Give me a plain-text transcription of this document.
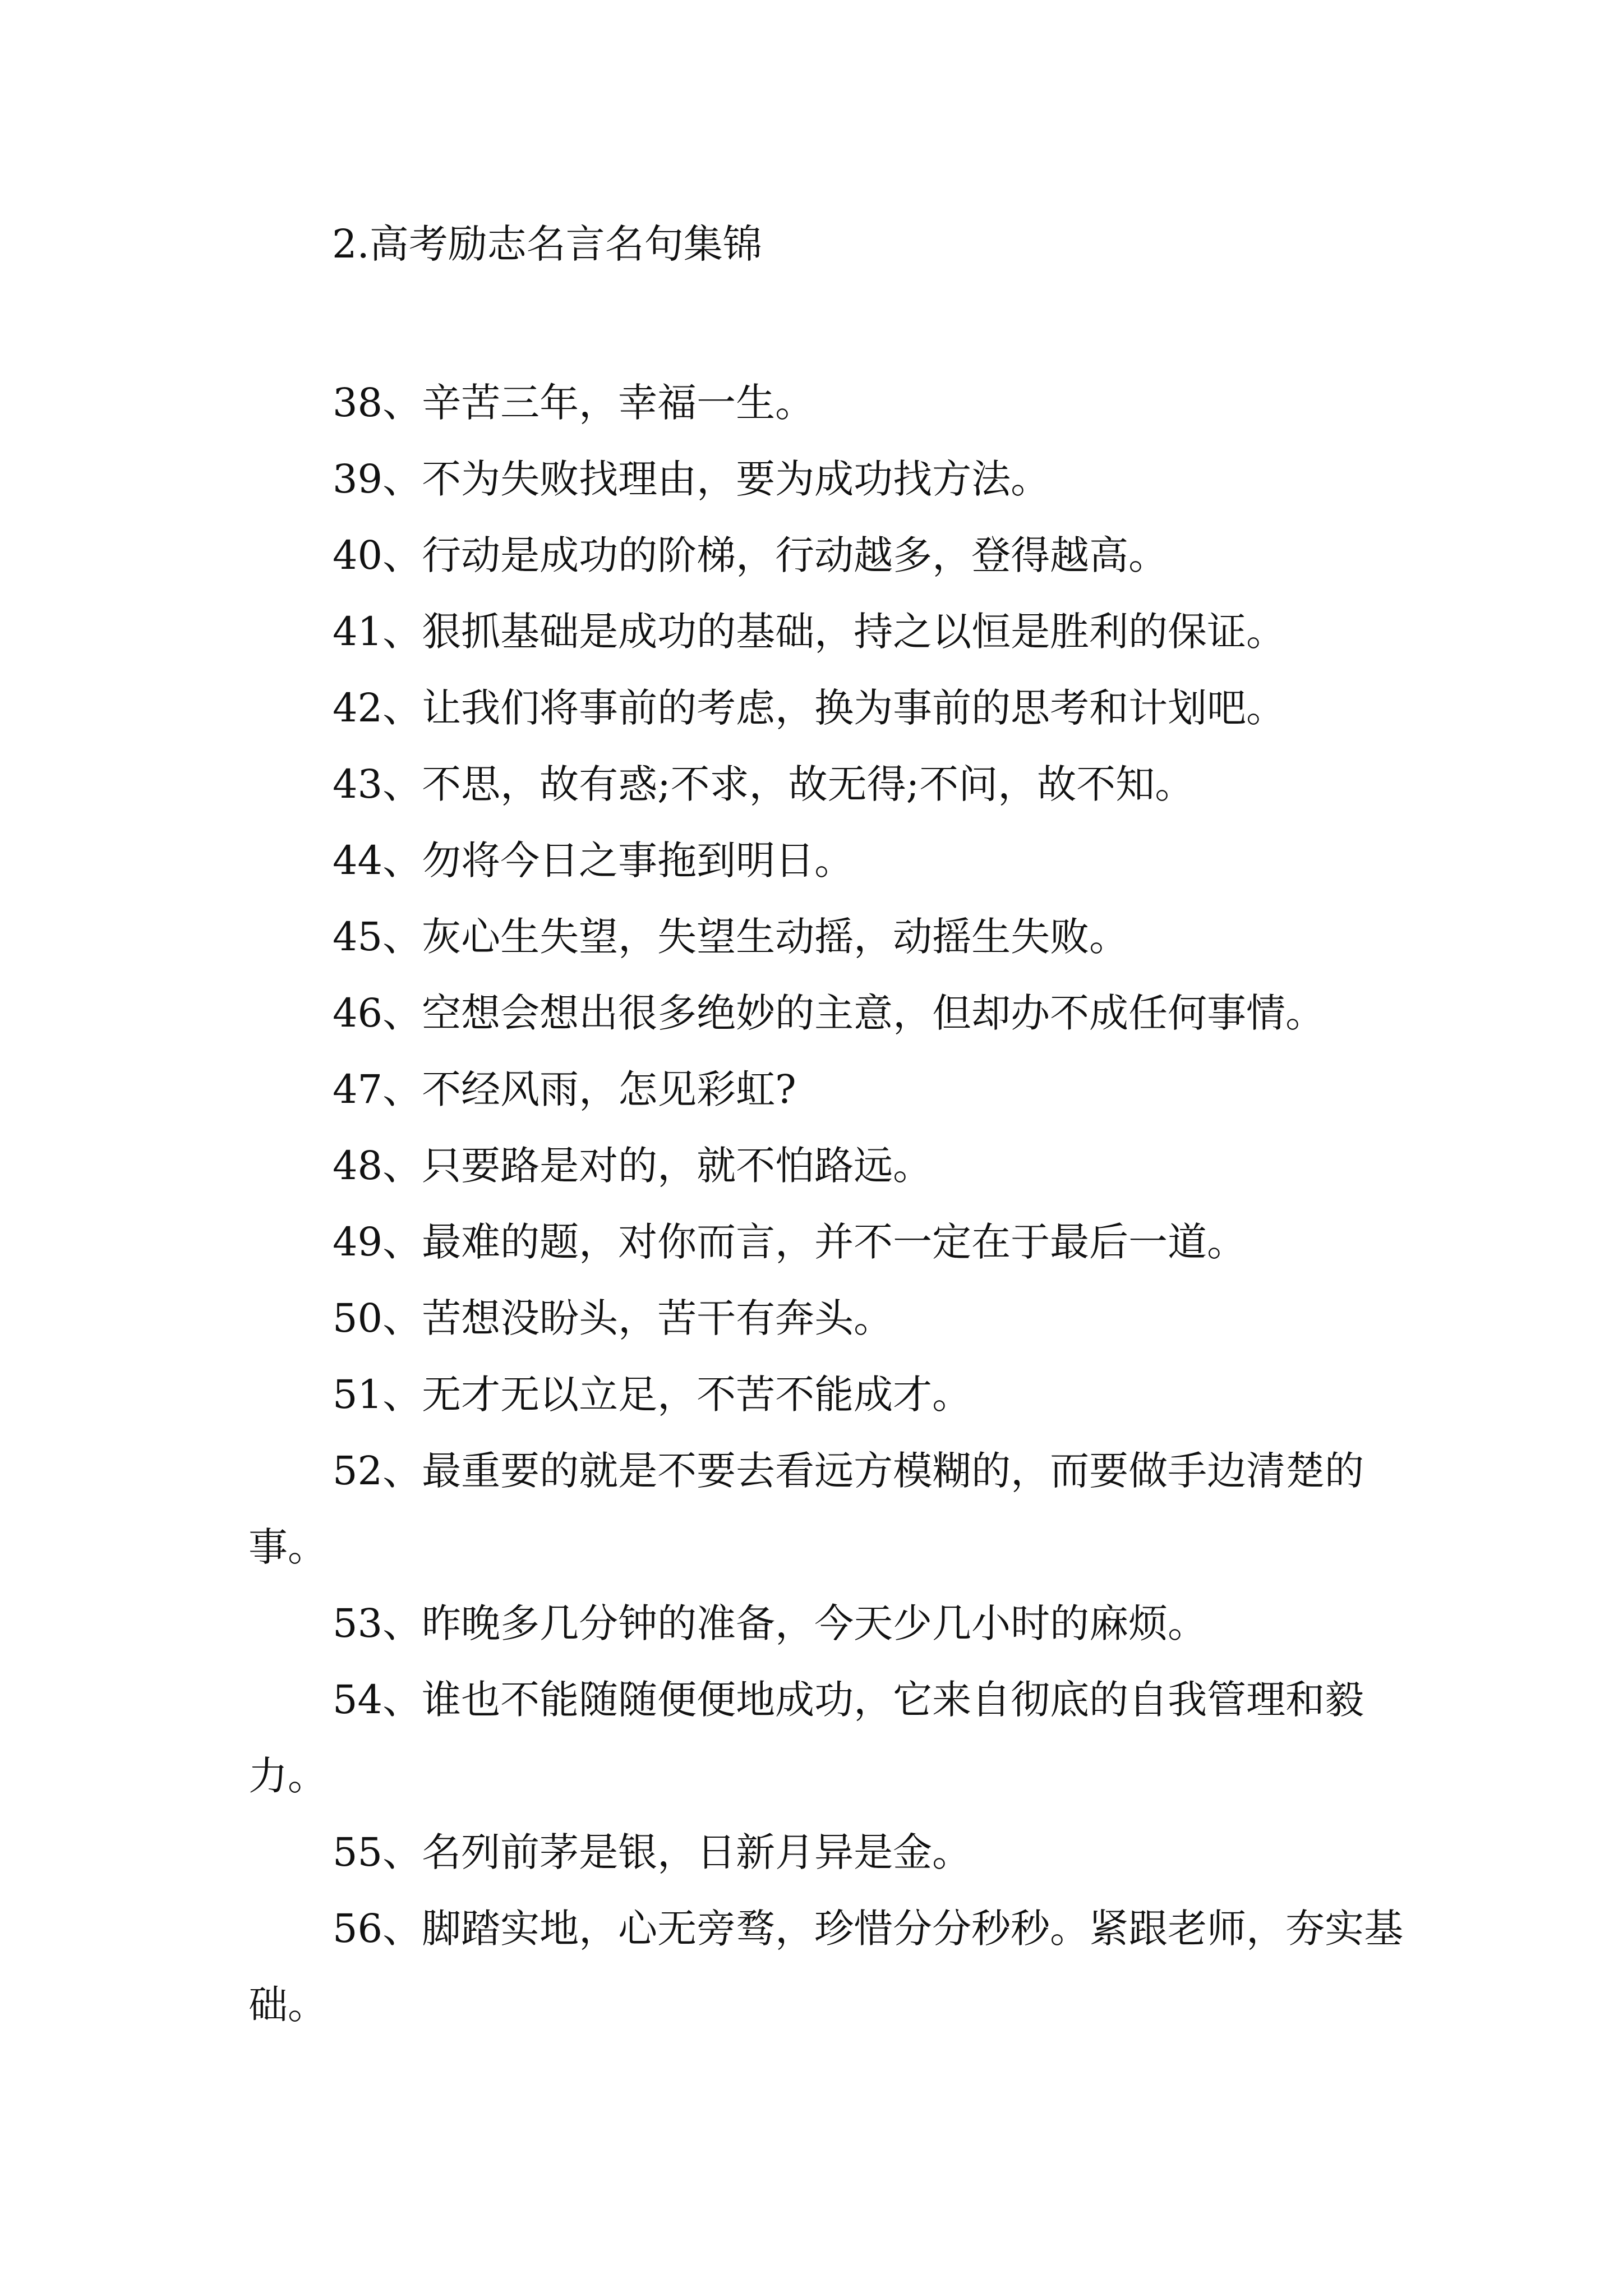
2.高考励志名言名句集锦

38、辛苦三年，幸福一生。

39、不为失败找理由，要为成功找方法。

40、行动是成功的阶梯，行动越多，登得越高。

41、狠抓基础是成功的基础，持之以恒是胜利的保证。

42、让我们将事前的考虑，换为事前的思考和计划吧。

43、不思，故有惑;不求，故无得;不问，故不知。

44、勿将今日之事拖到明日。

45、灰心生失望，失望生动摇，动摇生失败。

46、空想会想出很多绝妙的主意，但却办不成任何事情。

47、不经风雨，怎见彩虹?

48、只要路是对的，就不怕路远。

49、最难的题，对你而言，并不一定在于最后一道。

50、苦想没盼头，苦干有奔头。

51、无才无以立足，不苦不能成才。

52、最重要的就是不要去看远方模糊的，而要做手边清楚的事。

53、昨晚多几分钟的准备，今天少几小时的麻烦。

54、谁也不能随随便便地成功，它来自彻底的自我管理和毅力。

55、名列前茅是银，日新月异是金。

56、脚踏实地，心无旁骛，珍惜分分秒秒。紧跟老师，夯实基础。
